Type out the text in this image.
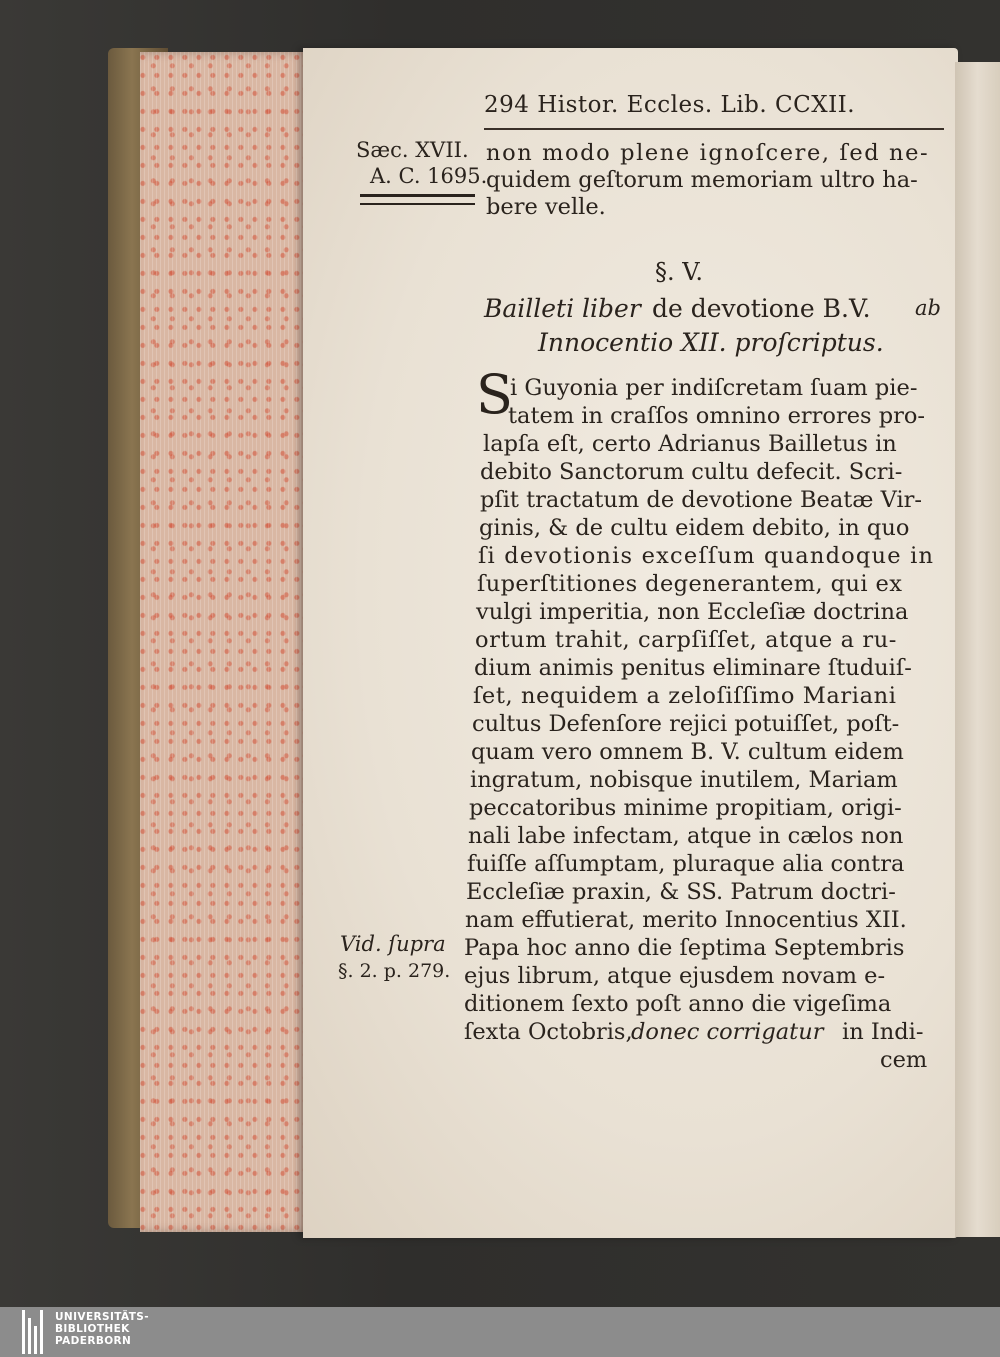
294 Histor. Eccles. Lib. CCXII.
Sæc. XVII.
A. C. 1695.
Vid. ſupra
§. 2. p. 279.
non modo plene ignoſcere, ſed ne-
quidem geſtorum memoriam ultro ha-
bere velle.
§. V.
Bailleti liber de devotione B.V. ab
Innocentio XII. proſcriptus.
S
i Guyonia per indiſcretam ſuam pie-
tatem in craſſos omnino errores pro-
lapſa eſt, certo Adrianus Bailletus in
debito Sanctorum cultu defecit. Scri-
pſit tractatum de devotione Beatæ Vir-
ginis, & de cultu eidem debito, in quo
ſi devotionis exceſſum quandoque in
ſuperſtitiones degenerantem, qui ex
vulgi imperitia, non Eccleſiæ doctrina
ortum trahit, carpſiſſet, atque a ru-
dium animis penitus eliminare ſtuduiſ-
ſet, nequidem a zeloſiſſimo Mariani
cultus Defenſore rejici potuiſſet, poſt-
quam vero omnem B. V. cultum eidem
ingratum, nobisque inutilem, Mariam
peccatoribus minime propitiam, origi-
nali labe infectam, atque in cælos non
fuiſſe aſſumptam, pluraque alia contra
Eccleſiæ praxin, & SS. Patrum doctri-
nam effutierat, merito Innocentius XII.
Papa hoc anno die ſeptima Septembris
ejus librum, atque ejusdem novam e-
ditionem ſexto poſt anno die vigeſima
ſexta Octobris,
donec corrigatur in Indi-
cem
UNIVERSITÄTS-
BIBLIOTHEK
PADERBORN
